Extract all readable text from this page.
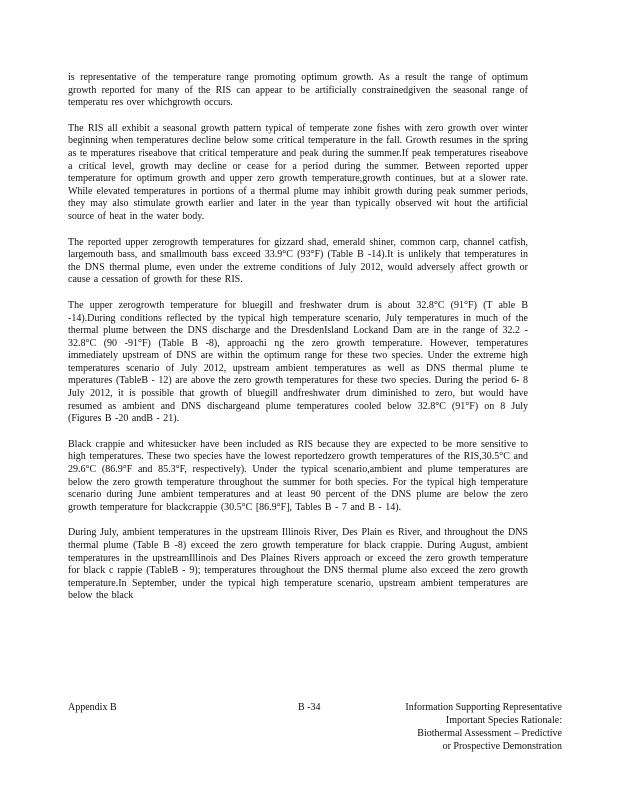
is representative of the temperature range promoting optimum growth. As a result the range of optimum growth reported for many of the RIS can appear to be artificially constrainedgiven the seasonal range of temperatu res over whichgrowth occurs.

The RIS all exhibit a seasonal growth pattern typical of temperate zone fishes with zero growth over winter beginning when temperatures decline below some critical temperature in the fall. Growth resumes in the spring as te mperatures riseabove that critical temperature and peak during the summer.If peak temperatures riseabove a critical level, growth may decline or cease for a period during the summer. Between reported upper temperature for optimum growth and upper zero growth temperature,growth continues, but at a slower rate. While elevated temperatures in portions of a thermal plume may inhibit growth during peak summer periods, they may also stimulate growth earlier and later in the year than typically observed wit hout the artificial source of heat in the water body.

The reported upper zerogrowth temperatures for gizzard shad, emerald shiner, common carp, channel catfish, largemouth bass, and smallmouth bass exceed 33.9°C (93°F) (Table B -14).It is unlikely that temperatures in the DNS thermal plume, even under the extreme conditions of July 2012, would adversely affect growth or cause a cessation of growth for these RIS.

The upper zerogrowth temperature for bluegill and freshwater drum is about 32.8°C (91°F) (T able B -14).During conditions reflected by the typical high temperature scenario, July temperatures in much of the thermal plume between the DNS discharge and the DresdenIsland Lockand Dam are in the range of 32.2 - 32.8°C (90 -91°F) (Table B -8), approachi ng the zero growth temperature. However, temperatures immediately upstream of DNS are within the optimum range for these two species. Under the extreme high temperatures scenario of July 2012, upstream ambient temperatures as well as DNS thermal plume te mperatures (TableB - 12) are above the zero growth temperatures for these two species. During the period 6- 8 July 2012, it is possible that growth of bluegill andfreshwater drum diminished to zero, but would have resumed as ambient and DNS dischargeand plume temperatures cooled below 32.8°C (91°F) on 8 July (Figures B -20 andB - 21).

Black crappie and whitesucker have been included as RIS because they are expected to be more sensitive to high temperatures. These two species have the lowest reportedzero growth temperatures of the RIS,30.5°C and 29.6°C (86.9°F and 85.3°F, respectively). Under the typical scenario,ambient and plume temperatures are below the zero growth temperature throughout the summer for both species. For the typical high temperature scenario during June ambient temperatures and at least 90 percent of the DNS plume are below the zero growth temperature for blackcrappie (30.5°C [86.9°F], Tables B - 7 and B - 14).

During July, ambient temperatures in the upstream Illinois River, Des Plain es River, and throughout the DNS thermal plume (Table B -8) exceed the zero growth temperature for black crappie. During August, ambient temperatures in the upstreamIllinois and Des Plaines Rivers approach or exceed the zero growth temperature for black c rappie (TableB - 9); temperatures throughout the DNS thermal plume also exceed the zero growth temperature.In September, under the typical high temperature scenario, upstream ambient temperatures are below the black

Appendix B	B -34	Information Supporting Representative
Important Species Rationale:
Biothermal Assessment – Predictive
or Prospective Demonstration
